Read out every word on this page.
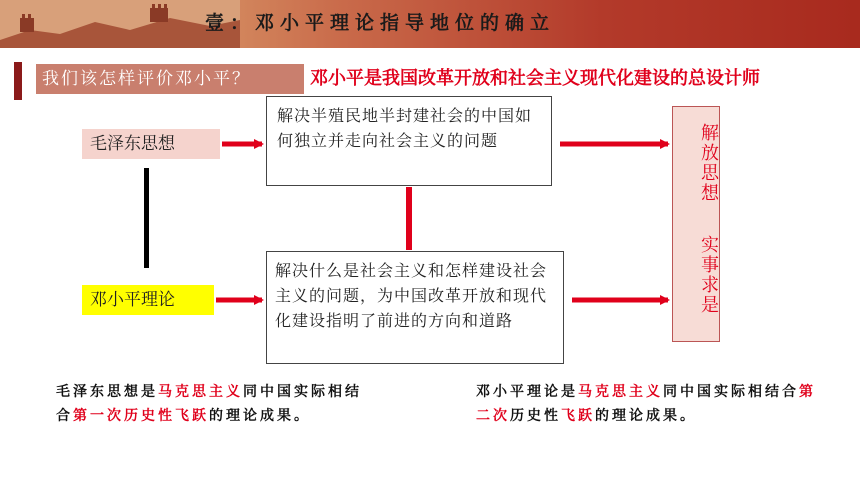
壹：邓小平理论指导地位的确立
我们该怎样评价邓小平？	邓小平是我国改革开放和社会主义现代化建设的总设计师
毛泽东思想
邓小平理论
解决半殖民地半封建社会的中国如何独立并走向社会主义的问题
解决什么是社会主义和怎样建设社会主义的问题，为中国改革开放和现代化建设指明了前进的方向和道路
解放思想
实事求是
毛泽东思想是马克思主义同中国实际相结合第一次历史性飞跃的理论成果。
邓小平理论是马克思主义同中国实际相结合第二次历史性飞跃的理论成果。
